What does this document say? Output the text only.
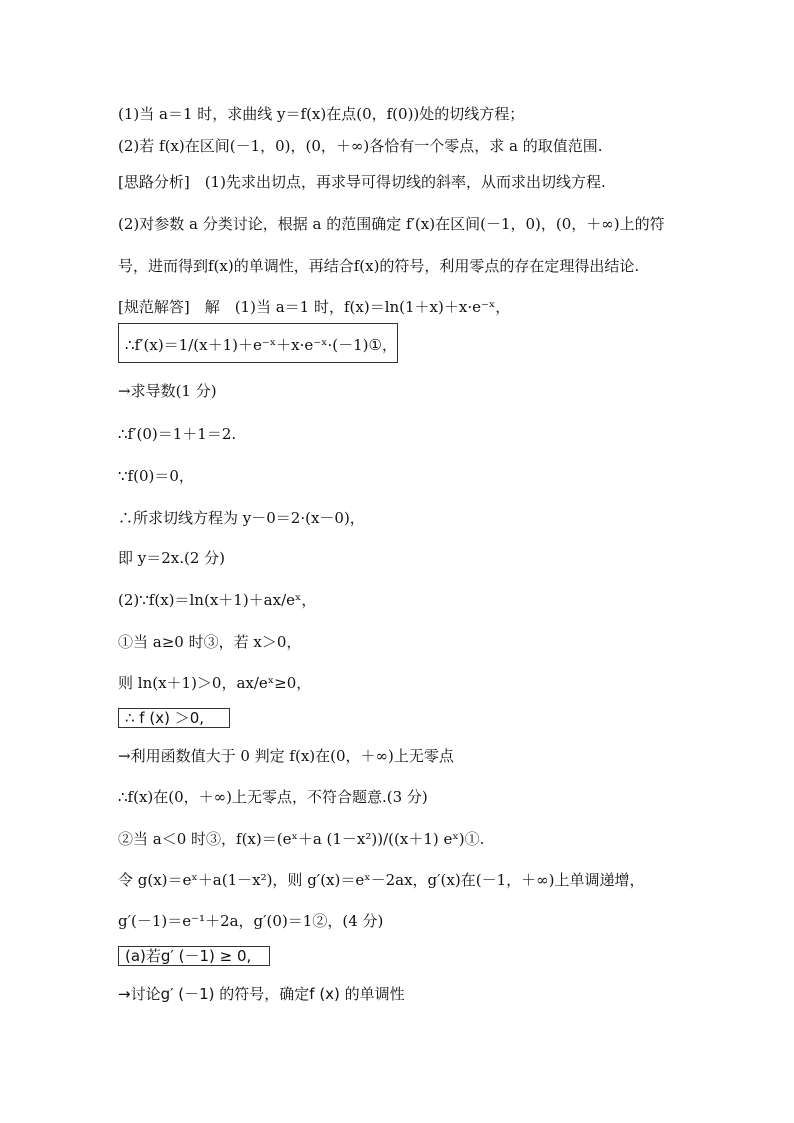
(1)当 a＝1 时，求曲线 y＝f(x)在点(0，f(0))处的切线方程；
(2)若 f(x)在区间(－1，0)，(0，＋∞)各恰有一个零点，求 a 的取值范围.
[思路分析]　(1)先求出切点，再求导可得切线的斜率，从而求出切线方程.
(2)对参数 a 分类讨论，根据 a 的范围确定 f′(x)在区间(－1，0)，(0，＋∞)上的符
号，进而得到f(x)的单调性，再结合f(x)的符号，利用零点的存在定理得出结论.
[规范解答]　解　(1)当 a＝1 时，f(x)＝ln(1＋x)＋x·e⁻ˣ，
∴f′(x)＝1/(x＋1)＋e⁻ˣ＋x·e⁻ˣ·(－1)①，
→求导数(1 分)
∴f′(0)＝1＋1＝2.
∵f(0)＝0，
∴所求切线方程为 y－0＝2·(x－0)，
即 y＝2x.(2 分)
(2)∵f(x)＝ln(x＋1)＋ax/eˣ，
①当 a≥0 时③，若 x＞0，
则 ln(x＋1)＞0，ax/eˣ≥0，
∴ f (x) ＞0,
→利用函数值大于 0 判定 f(x)在(0，＋∞)上无零点
∴f(x)在(0，＋∞)上无零点，不符合题意.(3 分)
②当 a＜0 时③，f(x)＝(eˣ＋a (1－x²))/((x＋1) eˣ)①.
令 g(x)＝eˣ＋a(1－x²)，则 g′(x)＝eˣ－2ax，g′(x)在(－1，＋∞)上单调递增，
g′(－1)＝e⁻¹＋2a，g′(0)＝1②，(4 分)
(a)若g′ (－1) ≥ 0,
→讨论g′ (－1) 的符号，确定f (x) 的单调性
